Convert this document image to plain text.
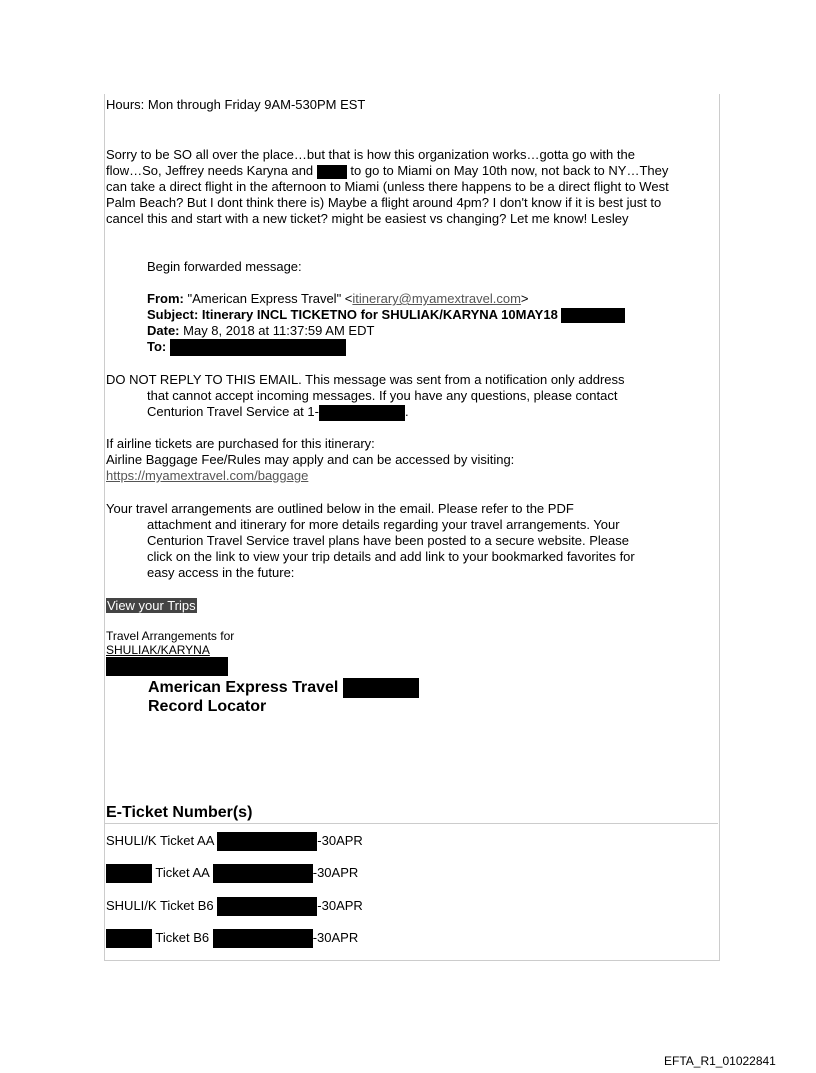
Hours: Mon through Friday 9AM-530PM EST
Sorry to be SO all over the place…but that is how this organization works…gotta go with the
flow…So, Jeffrey needs Karyna and	to go to Miami on May 10th now, not back to NY…They
can take a direct flight in the afternoon to Miami (unless there happens to be a direct flight to West
Palm Beach? But I dont think there is) Maybe a flight around 4pm? I don't know if it is best just to
cancel this and start with a new ticket? might be easiest vs changing? Let me know! Lesley
Begin forwarded message:
From: "American Express Travel" <itinerary@myamextravel.com>
Subject: Itinerary INCL TICKETNO for SHULIAK/KARYNA 10MAY18
Date: May 8, 2018 at 11:37:59 AM EDT
To:
DO NOT REPLY TO THIS EMAIL. This message was sent from a notification only address
that cannot accept incoming messages. If you have any questions, please contact
Centurion Travel Service at 1-	.
If airline tickets are purchased for this itinerary:
Airline Baggage Fee/Rules may apply and can be accessed by visiting:
https://myamextravel.com/baggage
Your travel arrangements are outlined below in the email. Please refer to the PDF
attachment and itinerary for more details regarding your travel arrangements. Your
Centurion Travel Service travel plans have been posted to a secure website. Please
click on the link to view your trip details and add link to your bookmarked favorites for
easy access in the future:
View your Trips
Travel Arrangements for
SHULIAK/KARYNA
American Express Travel
Record Locator
E-Ticket Number(s)
SHULI/K Ticket AA	-30APR
Ticket AA	-30APR
SHULI/K Ticket B6	-30APR
Ticket B6	-30APR
EFTA_R1_01022841
